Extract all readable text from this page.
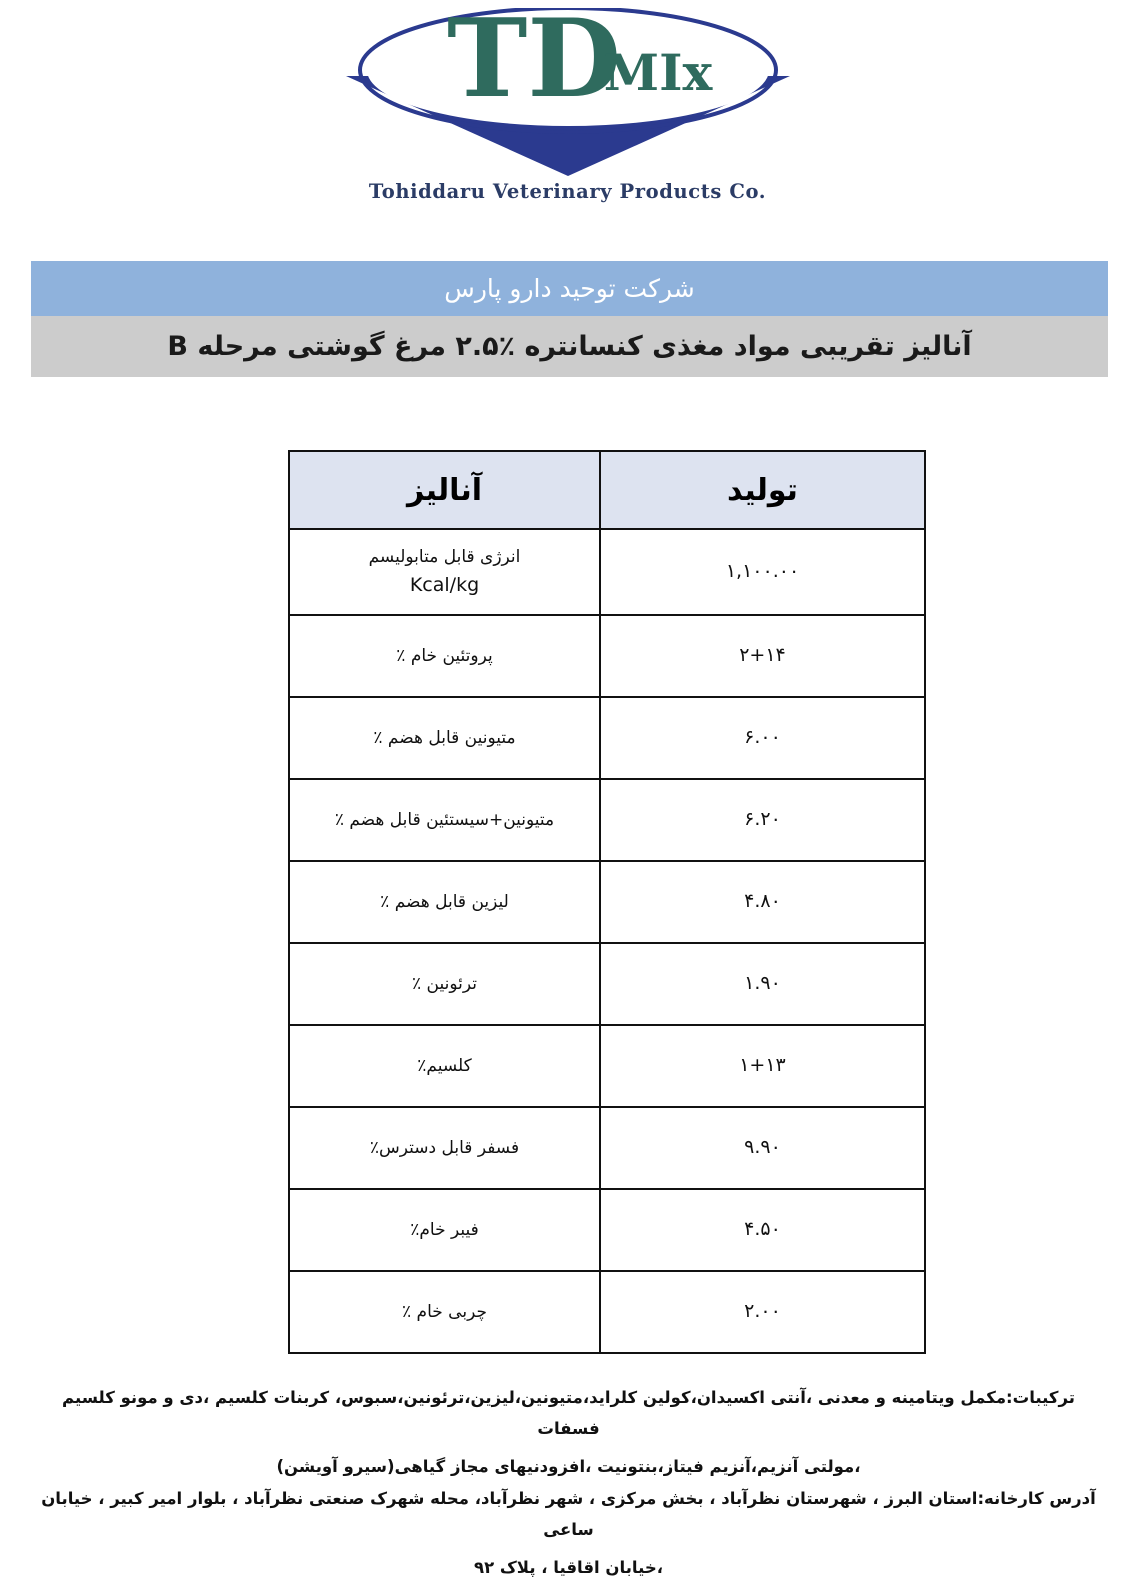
TD
MIx
Tohiddaru Veterinary Products Co.
شرکت توحید دارو پارس
آنالیز تقریبی مواد مغذی کنسانتره ٪۲.۵ مرغ گوشتی مرحله B
تولید	آنالیز
۱,۱۰۰.۰۰	انرژی قابل متابولیسم
Kcal/kg

۲+۱۴	پروتئین خام ٪
۶.۰۰	متیونین قابل هضم ٪
۶.۲۰	متیونین+سیستئین قابل هضم ٪
۴.۸۰	لیزین قابل هضم ٪
۱.۹۰	ترئونین ٪
۱+۱۳	کلسیم٪
۹.۹۰	فسفر قابل دسترس٪
۴.۵۰	فیبر خام٪
۲.۰۰	چربی خام ٪

ترکیبات:مکمل ویتامینه و معدنی ،آنتی اکسیدان،کولین کلراید،متیونین،لیزین،ترئونین،سبوس، کربنات کلسیم ،دی و مونو کلسیم فسفات

،مولتی آنزیم،آنزیم فیتاز،بنتونیت ،افزودنیهای مجاز گیاهی(سیرو آویشن)

آدرس کارخانه:استان البرز ، شهرستان نظرآباد ، بخش مرکزی ، شهر نظرآباد، محله شهرک صنعتی نظرآباد ، بلوار امیر کبیر ، خیابان ساعی

،خیابان اقاقیا ، پلاک ۹۲
